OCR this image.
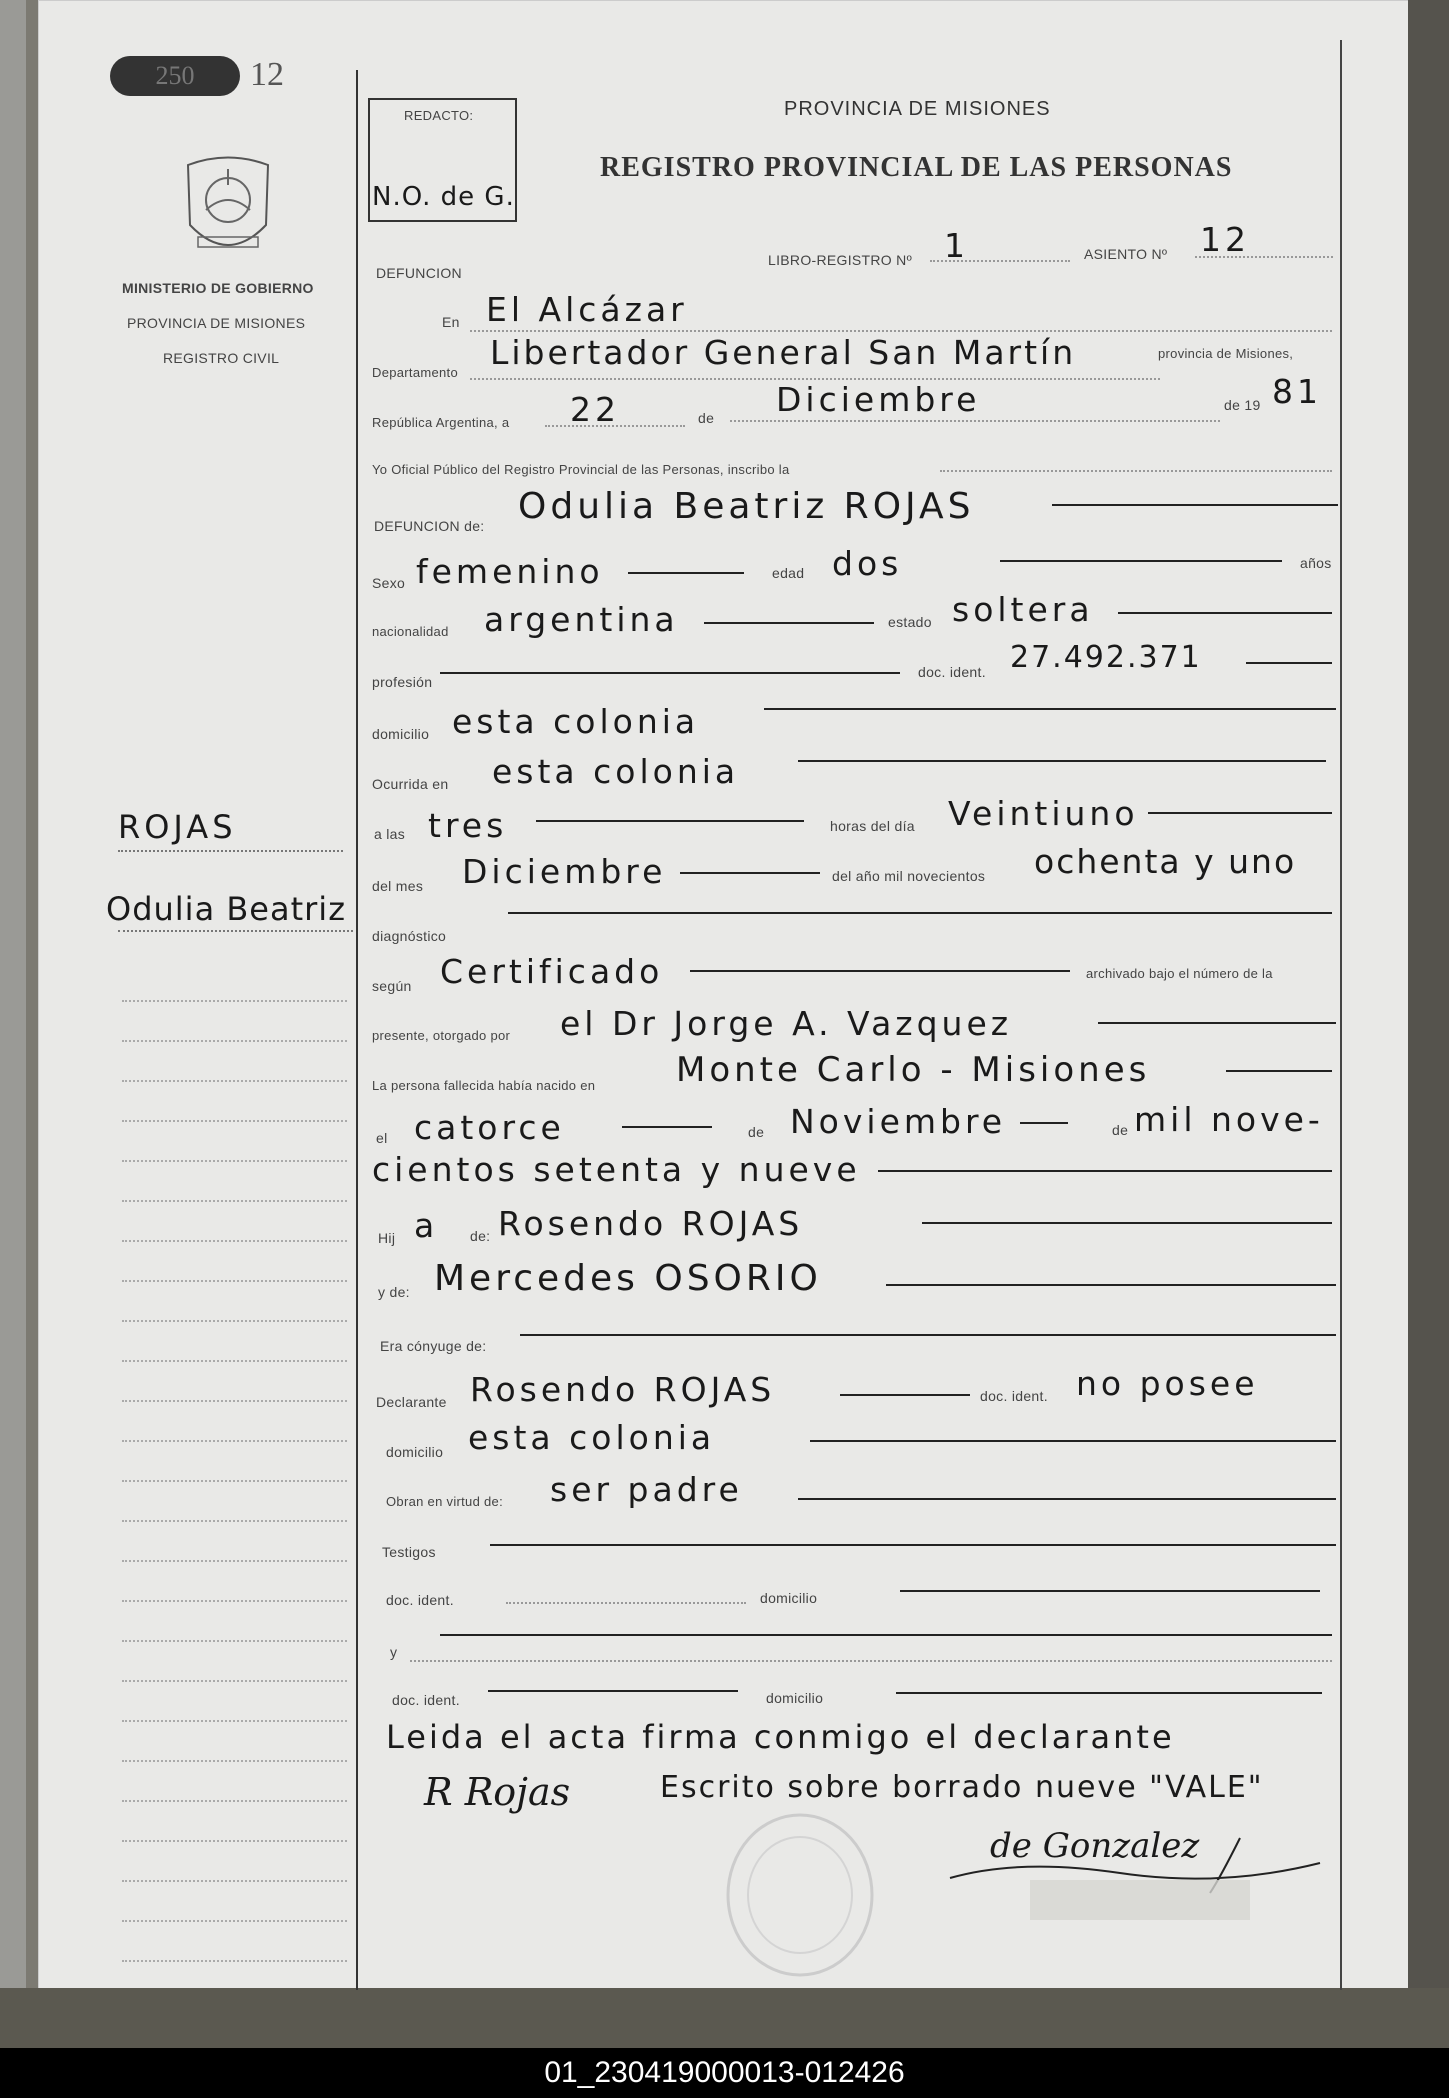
250	12
MINISTERIO DE GOBIERNO
PROVINCIA DE MISIONES
REGISTRO CIVIL
ROJAS
Odulia Beatriz
REDACTO:
N.O. de G.
PROVINCIA DE MISIONES
REGISTRO PROVINCIAL DE LAS PERSONAS
DEFUNCION
LIBRO-REGISTRO Nº 1	ASIENTO Nº 12
En El Alcázar
Departamento
Libertador General San Martín	provincia de Misiones,
República Argentina, a 22	de Diciembre	de 19 81
Yo Oficial Público del Registro Provincial de las Personas, inscribo la
DEFUNCION de: Odulia Beatriz ROJAS
Sexo femenino	edad dos	años
nacionalidad argentina	estado soltera
profesión
doc. ident. 27.492.371
domicilio esta colonia
Ocurrida en esta colonia
a las tres	horas del día Veintiuno
del mes Diciembre	del año mil novecientos ochenta y uno
diagnóstico
según Certificado	archivado bajo el número de la
presente, otorgado por el Dr Jorge A. Vazquez
La persona fallecida había nacido en Monte Carlo - Misiones
el catorce	de Noviembre	de mil nove-
cientos setenta y nueve
Hij a de: Rosendo ROJAS
y de: Mercedes OSORIO
Era cónyuge de:
Declarante Rosendo ROJAS	doc. ident. no posee
domicilio esta colonia
Obran en virtud de: ser padre
Testigos
doc. ident.	domicilio
y
doc. ident.	domicilio
Leida el acta firma conmigo el declarante
R Rojas	Escrito sobre borrado nueve "VALE"
de Gonzalez
01_230419000013-012426
